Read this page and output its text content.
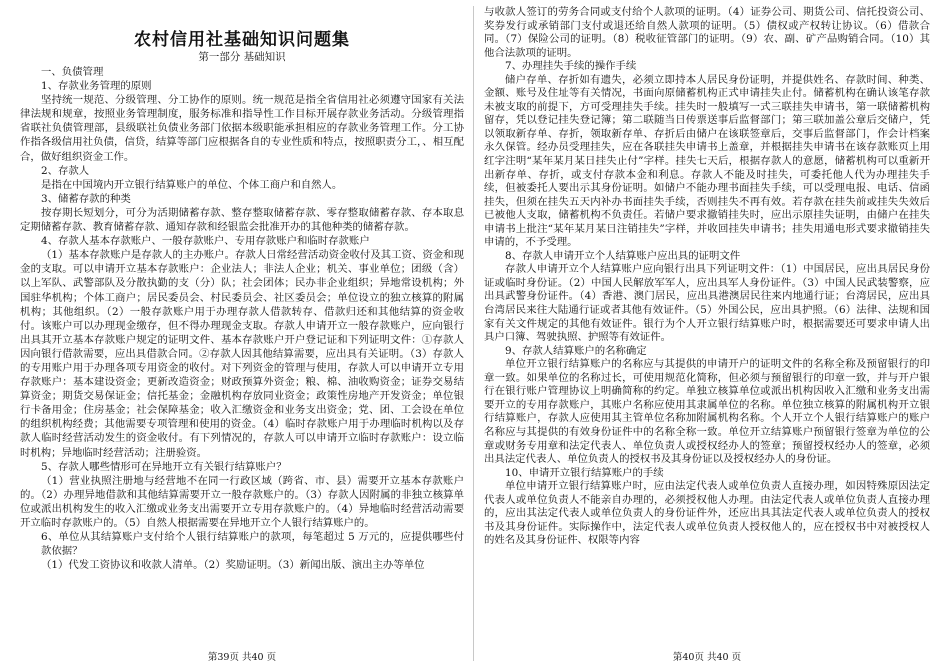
农村信用社基础知识问题集
第一部分 基础知识

一、负债管理

1、存款业务管理的原则

坚持统一规范、分级管理、分工协作的原则。统一规范是指全省信用社必须遵守国家有关法律法规和规章，按照业务管理制度，服务标准和指导性工作目标开展存款业务活动。分级管理指省联社负债管理部，县级联社负债业务部门依据本级职能承担相应的存款业务管理工作。分工协作指各级信用社负债，信贷，结算等部门应根据各自的专业性质和特点，按照职责分工，、相互配合，做好组织资金工作。

2、存款人

是指在中国境内开立银行结算账户的单位、个体工商户和自然人。

3、储蓄存款的种类

按存期长短划分，可分为活期储蓄存款、整存整取储蓄存款、零存整取储蓄存款、存本取息定期储蓄存款、教育储蓄存款、通知存款和经银监会批准开办的其他种类的储蓄存款。

4、存款人基本存款账户、一般存款账户、专用存款账户和临时存款账户

（1）基本存款账户是存款人的主办账户。存款人日常经营活动资金收付及其工资、资金和现金的支取。可以申请开立基本存款账户：企业法人；非法人企业；机关、事业单位；团级（含）以上军队、武警部队及分散执勤的支（分）队；社会团体；民办非企业组织；异地常设机构；外国驻华机构；个体工商户；居民委员会、村民委员会、社区委员会；单位设立的独立核算的附属机构；其他组织。（2）一般存款账户用于办理存款人借款转存、借款归还和其他结算的资金收付。该账户可以办理现金缴存，但不得办理现金支取。存款人申请开立一般存款账户，应向银行出具其开立基本存款账户规定的证明文件、基本存款账户开户登记证和下列证明文件：①存款人因向银行借款需要，应出具借款合同。②存款人因其他结算需要，应出具有关证明。（3）存款人的专用账户用于办理各项专用资金的收付。对下列资金的管理与使用，存款人可以申请开立专用存款账户：基本建设资金；更新改造资金；财政预算外资金；粮、棉、油收购资金；证券交易结算资金；期货交易保证金；信托基金；金融机构存放同业资金；政策性房地产开发资金；单位银行卡备用金；住房基金；社会保障基金；收入汇缴资金和业务支出资金；党、团、工会设在单位的组织机构经费；其他需要专项管理和使用的资金。（4）临时存款账户用于办理临时机构以及存款人临时经营活动发生的资金收付。有下列情况的，存款人可以申请开立临时存款账户：设立临时机构；异地临时经营活动；注册验资。

5、存款人哪些情形可在异地开立有关银行结算账户？

（1）营业执照注册地与经营地不在同一行政区域（跨省、市、县）需要开立基本存款账户的。（2）办理异地借款和其他结算需要开立一般存款账户的。（3）存款人因附属的非独立核算单位或派出机构发生的收入汇缴或业务支出需要开立专用存款账户的。（4）异地临时经营活动需要开立临时存款账户的。（5）自然人根据需要在异地开立个人银行结算账户的。

6、单位从其结算账户支付给个人银行结算账户的款项，每笔超过 5 万元的，应提供哪些付款依据？

（1）代发工资协议和收款人清单。（2）奖励证明。（3）新闻出版、演出主办等单位

第39页 共40 页

与收款人签订的劳务合同或支付给个人款项的证明。（4）证券公司、期货公司、信托投资公司、奖券发行或承销部门支付或退还给自然人款项的证明。（5）债权或产权转让协议。（6）借款合同。（7）保险公司的证明。（8）税收征管部门的证明。（9）农、副、矿产品购销合同。（10）其他合法款项的证明。

7、办理挂失手续的操作手续

储户存单、存折如有遗失，必须立即持本人居民身份证明，并提供姓名、存款时间、种类、金额、账号及住址等有关情况，书面向原储蓄机构正式申请挂失止付。储蓄机构在确认该笔存款未被支取的前提下，方可受理挂失手续。挂失时一般填写一式三联挂失申请书，第一联储蓄机构留存，凭以登记挂失登记簿；第二联随当日传票送事后监督部门；第三联加盖公章后交储户，凭以领取新存单、存折，领取新存单、存折后由储户在该联签章后，交事后监督部门，作会计档案永久保管。经办员受理挂失，应在各联挂失申请书上盖章，并根据挂失申请书在该存款账页上用红字注明“某年某月某日挂失止付”字样。挂失七天后，根据存款人的意愿，储蓄机构可以重新开出新存单、存折，或支付存款本金和利息。存款人不能及时挂失，可委托他人代为办理挂失手续，但被委托人要出示其身份证明。如储户不能办理书面挂失手续，可以受理电报、电话、信函挂失，但须在挂失五天内补办书面挂失手续，否则挂失不再有效。若存款在挂失前或挂失失效后已被他人支取，储蓄机构不负责任。若储户要求撤销挂失时，应出示原挂失证明，由储户在挂失申请书上批注“某年某月某日注销挂失”字样，并收回挂失申请书；挂失用通电形式要求撤销挂失申请的，不予受理。

8、存款人申请开立个人结算账户应出具的证明文件

存款人申请开立个人结算账户应向银行出具下列证明文件：（1）中国居民，应出具居民身份证或临时身份证。（2）中国人民解放军军人，应出具军人身份证件。（3）中国人民武装警察，应出具武警身份证件。（4）香港、澳门居民，应出具港澳居民往来内地通行证；台湾居民，应出具台湾居民来往大陆通行证或者其他有效证件。（5）外国公民，应出具护照。（6）法律、法规和国家有关文件规定的其他有效证件。银行为个人开立银行结算账户时，根据需要还可要求申请人出具户口簿、驾驶执照、护照等有效证件。

9、存款人结算账户的名称确定

单位开立银行结算账户的名称应与其提供的申请开户的证明文件的名称全称及预留银行的印章一致。如果单位的名称过长，可使用规范化简称，但必须与预留银行的印章一致，并与开户银行在银行账户管理协议上明确简称的约定。单独立核算单位或派出机构因收入汇缴和业务支出需要开立的专用存款账户，其账户名称应使用其隶属单位的名称。单位独立核算的附属机构开立银行结算账户，存款人应使用其主管单位名称加附属机构名称。个人开立个人银行结算账户的账户名称应与其提供的有效身份证件中的名称全称一致。单位开立结算账户预留银行签章为单位的公章或财务专用章和法定代表人、单位负责人或授权经办人的签章；预留授权经办人的签章，必须出具法定代表人、单位负责人的授权书及其身份证以及授权经办人的身份证。

10、申请开立银行结算账户的手续

单位申请开立银行结算账户时，应由法定代表人或单位负责人直接办理，如因特殊原因法定代表人或单位负责人不能亲自办理的，必须授权他人办理。由法定代表人或单位负责人直接办理的，应出其法定代表人或单位负责人的身份证件外，还应出具其法定代表人或单位负责人的授权书及其身份证件。实际操作中，法定代表人或单位负责人授权他人的，应在授权书中对被授权人的姓名及其身份证件、权限等内容

第40页 共40 页
